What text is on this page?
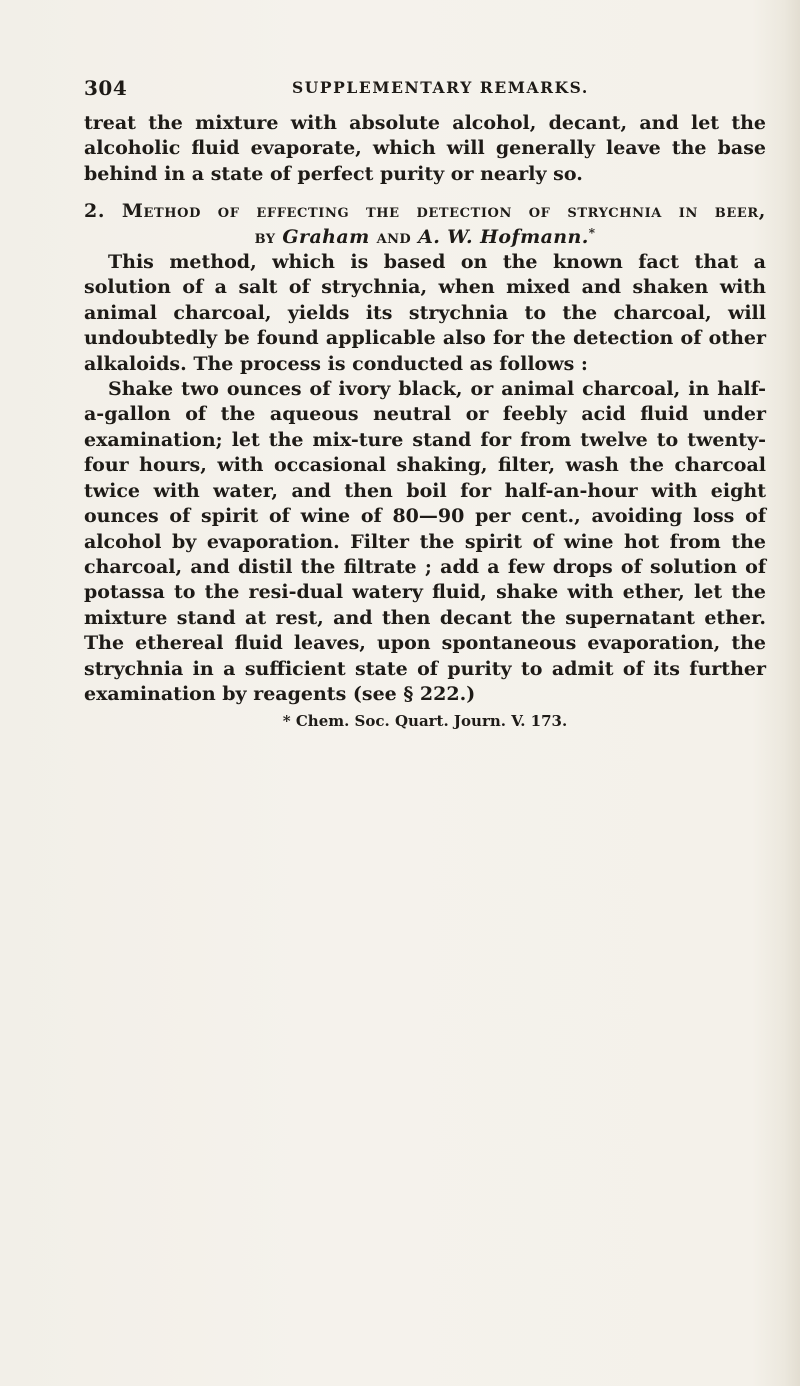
304	SUPPLEMENTARY REMARKS.

treat the mixture with absolute alcohol, decant, and let the alcoholic fluid evaporate, which will generally leave the base behind in a state of perfect purity or nearly so.

2. Method of effecting the detection of strychnia in beer,
by Graham and A. W. Hofmann.*

This method, which is based on the known fact that a solution of a salt of strychnia, when mixed and shaken with animal charcoal, yields its strychnia to the charcoal, will undoubtedly be found applicable also for the detection of other alkaloids. The process is conducted as follows :

Shake two ounces of ivory black, or animal charcoal, in half-a-gallon of the aqueous neutral or feebly acid fluid under examination; let the mix-ture stand for from twelve to twenty-four hours, with occasional shaking, filter, wash the charcoal twice with water, and then boil for half-an-hour with eight ounces of spirit of wine of 80—90 per cent., avoiding loss of alcohol by evaporation. Filter the spirit of wine hot from the charcoal, and distil the filtrate ; add a few drops of solution of potassa to the resi-dual watery fluid, shake with ether, let the mixture stand at rest, and then decant the supernatant ether. The ethereal fluid leaves, upon spontaneous evaporation, the strychnia in a sufficient state of purity to admit of its further examination by reagents (see § 222.)

* Chem. Soc. Quart. Journ. V. 173.
